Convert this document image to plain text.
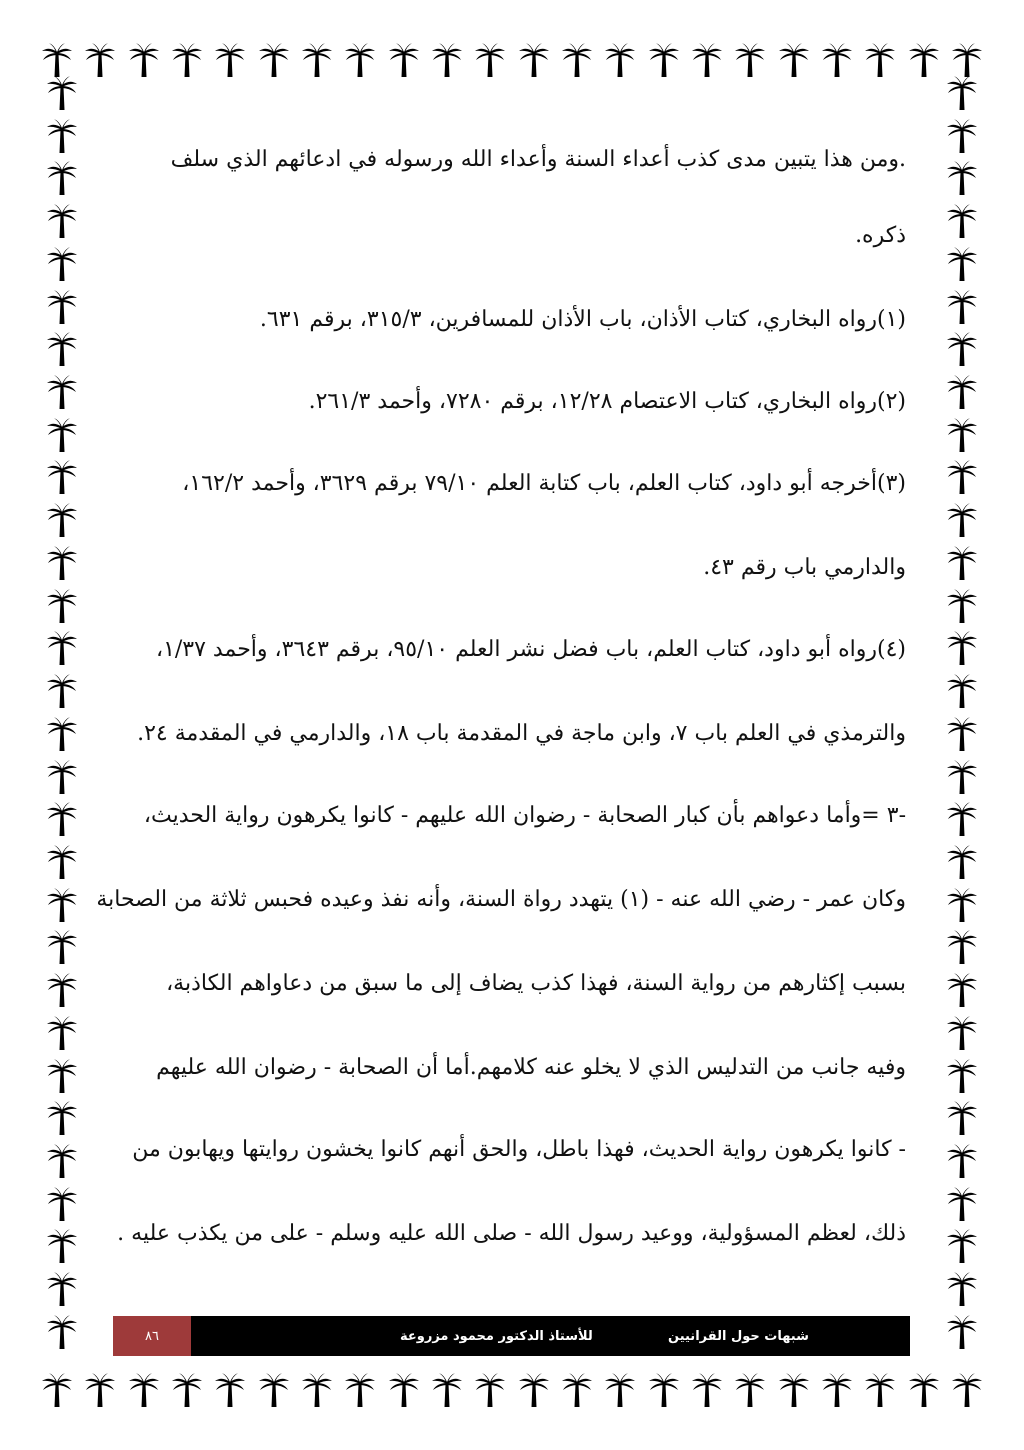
.ومن هذا يتبين مدى كذب أعداء السنة وأعداء الله ورسوله في ادعائهم الذي سلف
ذكره.
(١)رواه البخاري، كتاب الأذان، باب الأذان للمسافرين، ٣١٥/٣، برقم ٦٣١.
(٢)رواه البخاري، كتاب الاعتصام ١٢/٢٨، برقم ٧٢٨٠، وأحمد ٢٦١/٣.
(٣)أخرجه أبو داود، كتاب العلم، باب كتابة العلم ٧٩/١٠ برقم ٣٦٢٩، وأحمد ١٦٢/٢،
والدارمي باب رقم ٤٣.
(٤)رواه أبو داود، كتاب العلم، باب فضل نشر العلم ٩٥/١٠، برقم ٣٦٤٣، وأحمد ١/٣٧،
والترمذي في العلم باب ٧، وابن ماجة في المقدمة باب ١٨، والدارمي في المقدمة ٢٤.
-٣ =وأما دعواهم بأن كبار الصحابة - رضوان الله عليهم - كانوا يكرهون رواية الحديث،
وكان عمر - رضي الله عنه - (١) يتهدد رواة السنة، وأنه نفذ وعيده فحبس ثلاثة من الصحابة
بسبب إكثارهم من رواية السنة، فهذا كذب يضاف إلى ما سبق من دعاواهم الكاذبة،
وفيه جانب من التدليس الذي لا يخلو عنه كلامهم.أما أن الصحابة - رضوان الله عليهم
- كانوا يكرهون رواية الحديث، فهذا باطل، والحق أنهم كانوا يخشون روايتها ويهابون من
ذلك، لعظم المسؤولية، ووعيد رسول الله - صلى الله عليه وسلم - على من يكذب عليه .
٨٦	للأستاذ الدكتور محمود مزروعة	شبهات حول القرانيين
